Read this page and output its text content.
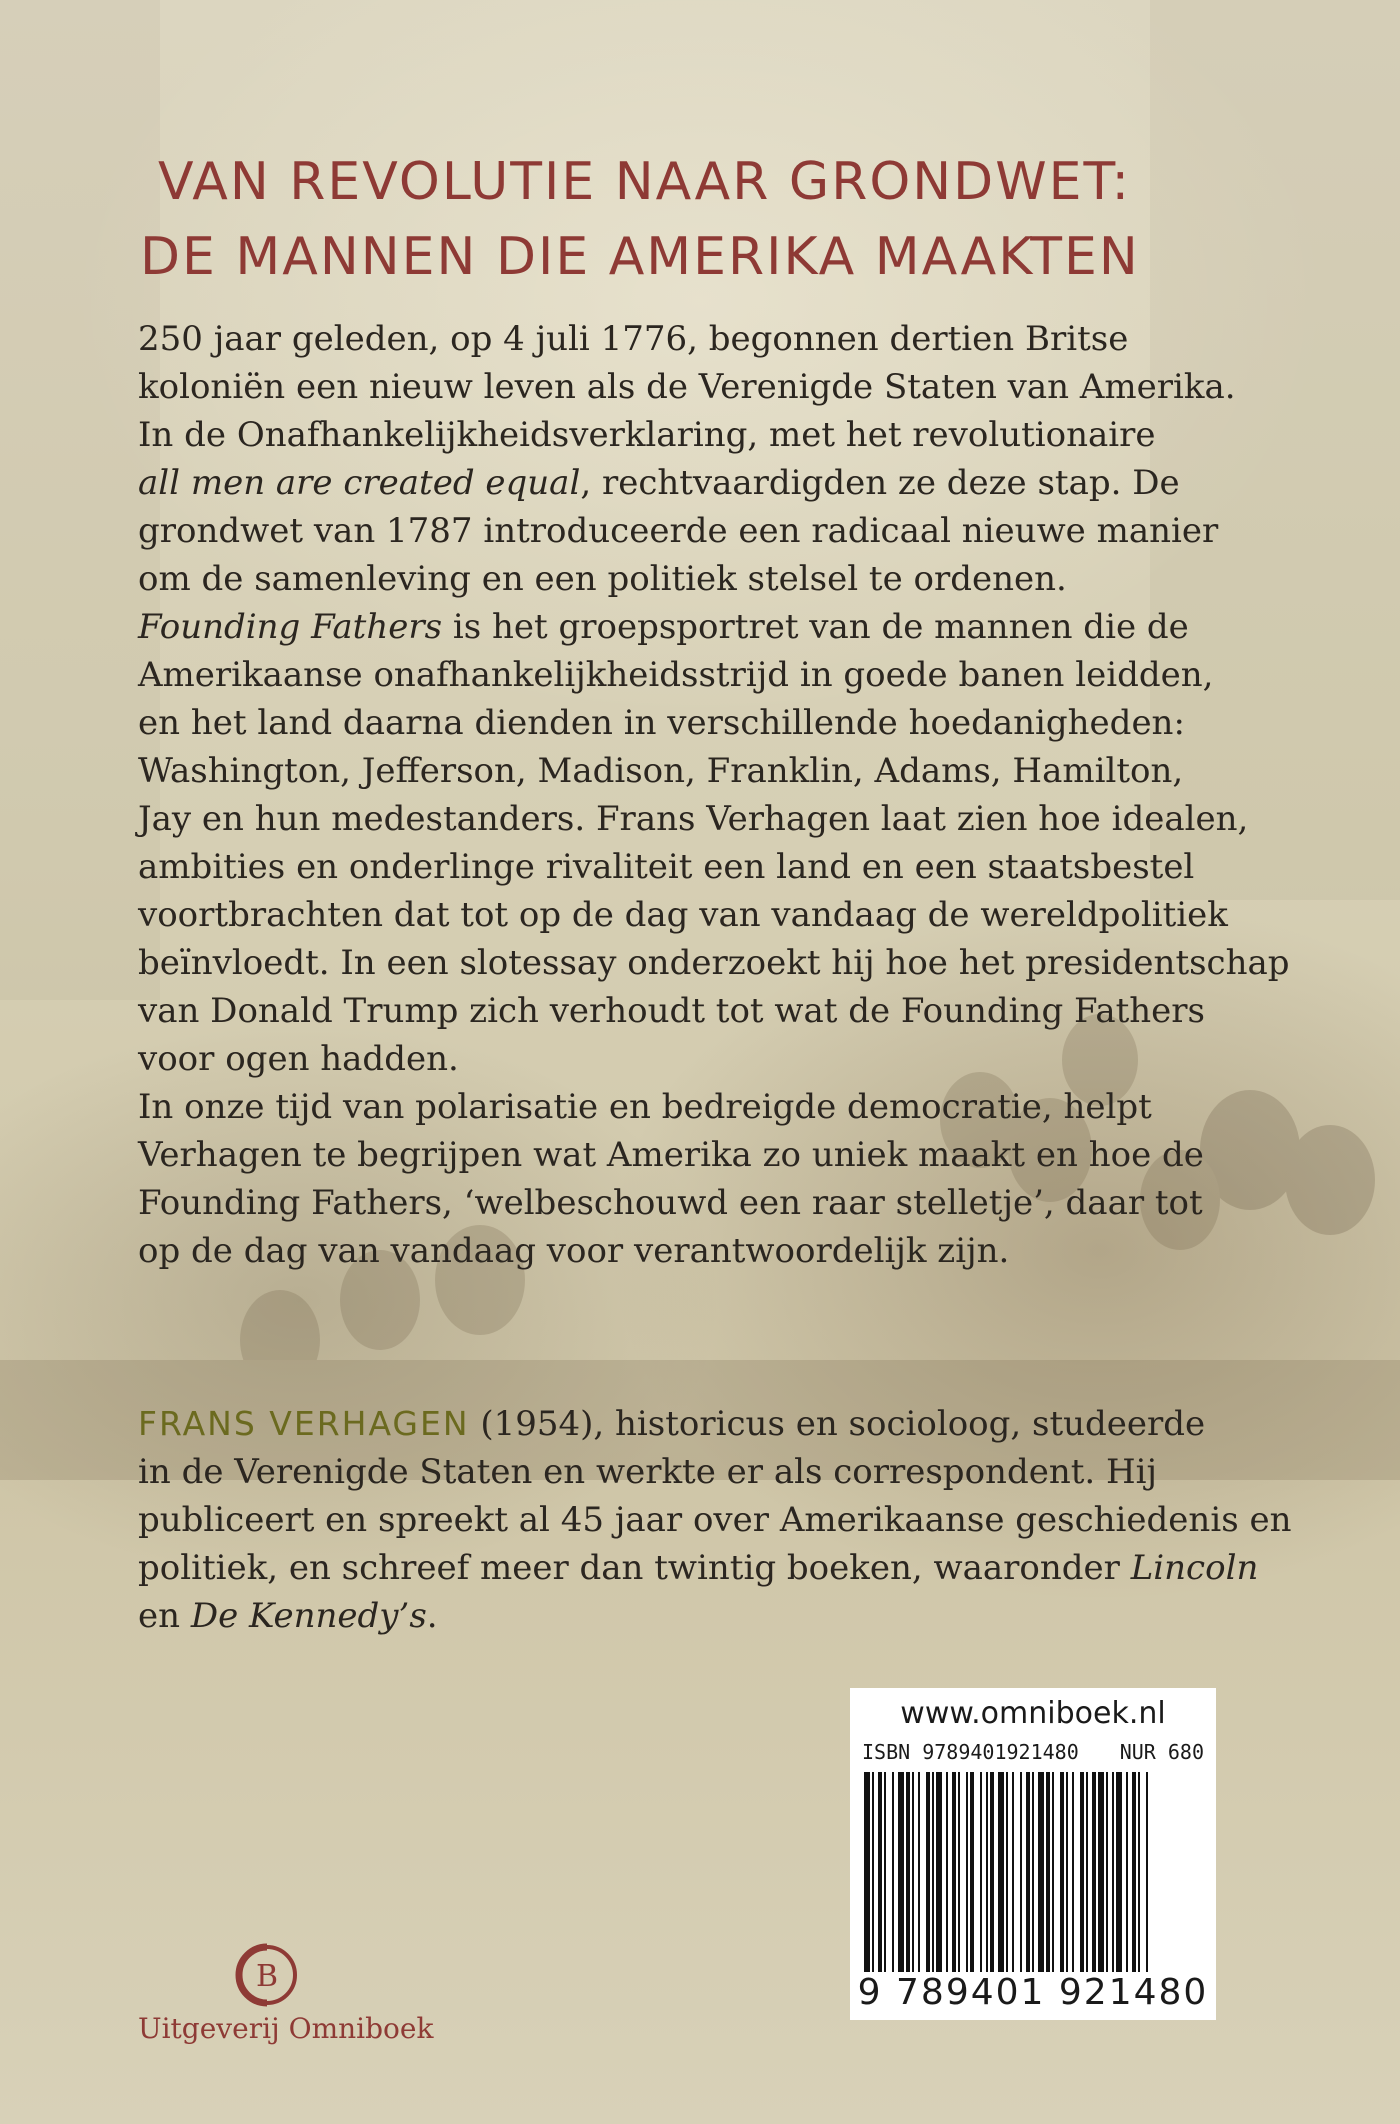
VAN REVOLUTIE NAAR GRONDWET:
DE MANNEN DIE AMERIKA MAAKTEN
250 jaar geleden, op 4 juli 1776, begonnen dertien Britse
koloniën een nieuw leven als de Verenigde Staten van Amerika.
In de Onafhankelijkheidsverklaring, met het revolutionaire
all men are created equal, rechtvaardigden ze deze stap. De
grondwet van 1787 introduceerde een radicaal nieuwe manier
om de samenleving en een politiek stelsel te ordenen.
Founding Fathers is het groepsportret van de mannen die de
Amerikaanse onafhankelijkheidsstrijd in goede banen leidden,
en het land daarna dienden in verschillende hoedanigheden:
Washington, Jefferson, Madison, Franklin, Adams, Hamilton,
Jay en hun medestanders. Frans Verhagen laat zien hoe idealen,
ambities en onderlinge rivaliteit een land en een staatsbestel
voortbrachten dat tot op de dag van vandaag de wereldpolitiek
beïnvloedt. In een slotessay onderzoekt hij hoe het presidentschap
van Donald Trump zich verhoudt tot wat de Founding Fathers
voor ogen hadden.
In onze tijd van polarisatie en bedreigde democratie, helpt
Verhagen te begrijpen wat Amerika zo uniek maakt en hoe de
Founding Fathers, ‘welbeschouwd een raar stelletje’, daar tot
op de dag van vandaag voor verantwoordelijk zijn.
FRANS VERHAGEN (1954), historicus en socioloog, studeerde
in de Verenigde Staten en werkte er als correspondent. Hij
publiceert en spreekt al 45 jaar over Amerikaanse geschiedenis en
politiek, en schreef meer dan twintig boeken, waaronder Lincoln
en De Kennedy’s.
www.omniboek.nl
ISBN 9789401921480 NUR 680
9 789401 921480
B
Uitgeverij Omniboek
